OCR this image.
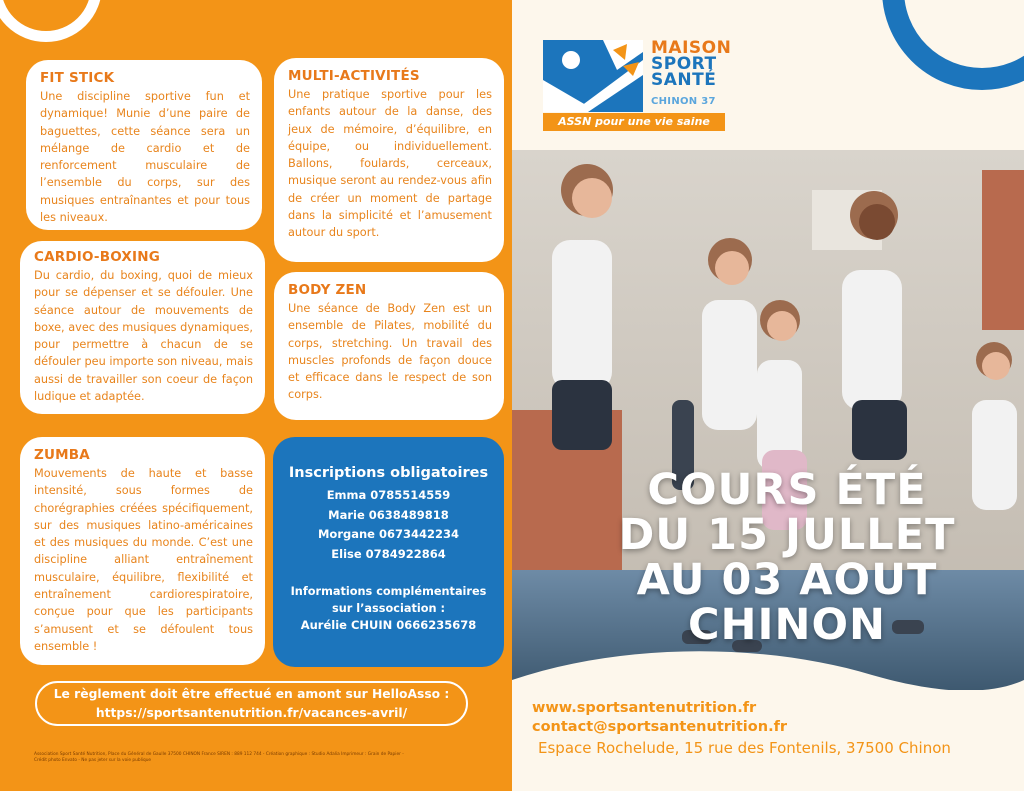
FIT STICK

Une discipline sportive fun et dynamique! Munie d’une paire de baguettes, cette séance sera un mélange de cardio et de renforcement musculaire de l’ensemble du corps, sur des musiques entraînantes et pour tous les niveaux.

MULTI-ACTIVITÉS

Une pratique sportive pour les enfants autour de la danse, des jeux de mémoire, d’équilibre, en équipe, ou individuellement. Ballons, foulards, cerceaux, musique seront au rendez-vous afin de créer un moment de partage dans la simplicité et l’amusement autour du sport.

CARDIO-BOXING

Du cardio, du boxing, quoi de mieux pour se dépenser et se défouler. Une séance autour de mouvements de boxe, avec des musiques dynamiques, pour permettre à chacun de se défouler peu importe son niveau, mais aussi de travailler son coeur de façon ludique et adaptée.

BODY ZEN

Une séance de Body Zen est un ensemble de Pilates, mobilité du corps, stretching. Un travail des muscles profonds de façon douce et efficace dans le respect de son corps.

ZUMBA

Mouvements de haute et basse intensité, sous formes de chorégraphies créées spécifiquement, sur des musiques latino-américaines et des musiques du monde. C’est une discipline alliant entraînement musculaire, équilibre, flexibilité et entraînement cardiorespiratoire, conçue pour que les participants s’amusent et se défoulent tous ensemble !

Inscriptions obligatoires
Emma 0785514559
Marie 0638489818
Morgane 0673442234
Elise 0784922864
Informations complémentaires sur l’association :
Aurélie CHUIN 0666235678
Le règlement doit être effectué en amont sur HelloAsso :
https://sportsantenutrition.fr/vacances-avril/
Association Sport Santé Nutrition, Place du Général de Gaulle 37500 CHINON France SIREN : 889 112 744 - Création graphique : Studio Adalia Imprimeur : Grain de Papier - Crédit photo Envato - Ne pas jeter sur la voie publique
MAISON
SPORT
SANTÉ
CHINON 37
ASSN pour une vie saine
COURS ÉTÉ
DU 15 JULLET
AU 03 AOUT
CHINON
www.sportsantenutrition.fr
contact@sportsantenutrition.fr
Espace Rochelude, 15 rue des Fontenils, 37500 Chinon
